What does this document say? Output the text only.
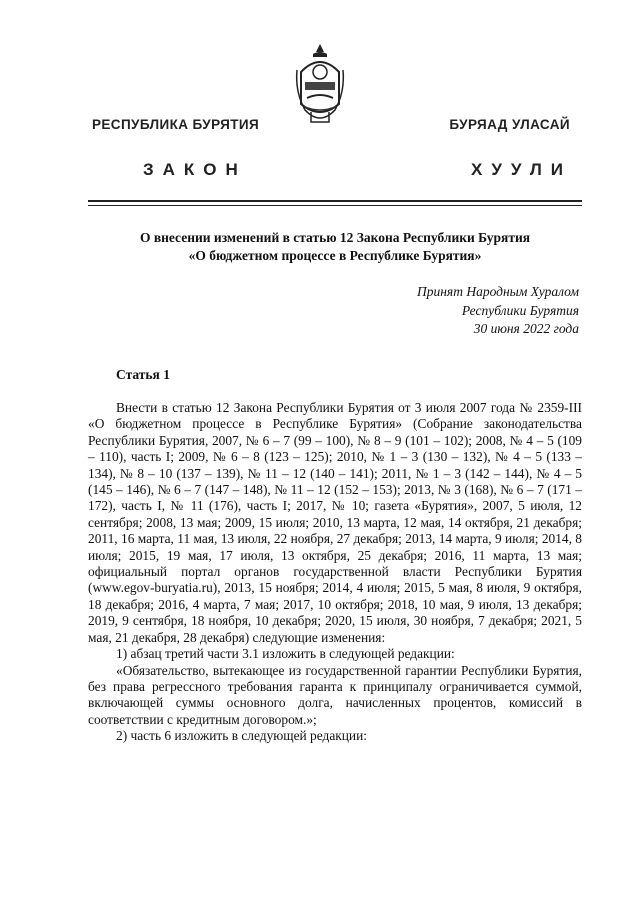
РЕСПУБЛИКА БУРЯТИЯ	БУРЯАД УЛАСАЙ
ЗАКОН	ХУУЛИ
О внесении изменений в статью 12 Закона Республики Бурятия
«О бюджетном процессе в Республике Бурятия»
Принят Народным Хуралом
Республики Бурятия
30 июня 2022 года
Статья 1

Внести в статью 12 Закона Республики Бурятия от 3 июля 2007 года № 2359-III «О бюджетном процессе в Республике Бурятия» (Собрание законодательства Республики Бурятия, 2007, № 6 – 7 (99 – 100), № 8 – 9 (101 – 102); 2008, № 4 – 5 (109 – 110), часть I; 2009, № 6 – 8 (123 – 125); 2010, № 1 – 3 (130 – 132), № 4 – 5 (133 – 134), № 8 – 10 (137 – 139), № 11 – 12 (140 – 141); 2011, № 1 – 3 (142 – 144), № 4 – 5 (145 – 146), № 6 – 7 (147 – 148), № 11 – 12 (152 – 153); 2013, № 3 (168), № 6 – 7 (171 – 172), часть I, № 11 (176), часть I; 2017, № 10; газета «Бурятия», 2007, 5 июля, 12 сентября; 2008, 13 мая; 2009, 15 июля; 2010, 13 марта, 12 мая, 14 октября, 21 декабря; 2011, 16 марта, 11 мая, 13 июля, 22 ноября, 27 декабря; 2013, 14 марта, 9 июля; 2014, 8 июля; 2015, 19 мая, 17 июля, 13 октября, 25 декабря; 2016, 11 марта, 13 мая; официальный портал органов государственной власти Республики Бурятия (www.egov-buryatia.ru), 2013, 15 ноября; 2014, 4 июля; 2015, 5 мая, 8 июля, 9 октября, 18 декабря; 2016, 4 марта, 7 мая; 2017, 10 октября; 2018, 10 мая, 9 июля, 13 декабря; 2019, 9 сентября, 18 ноября, 10 декабря; 2020, 15 июля, 30 ноября, 7 декабря; 2021, 5 мая, 21 декабря, 28 декабря) следующие изменения:

1) абзац третий части 3.1 изложить в следующей редакции:

«Обязательство, вытекающее из государственной гарантии Республики Бурятия, без права регрессного требования гаранта к принципалу ограничивается суммой, включающей суммы основного долга, начисленных процентов, комиссий в соответствии с кредитным договором.»;

2) часть 6 изложить в следующей редакции:
